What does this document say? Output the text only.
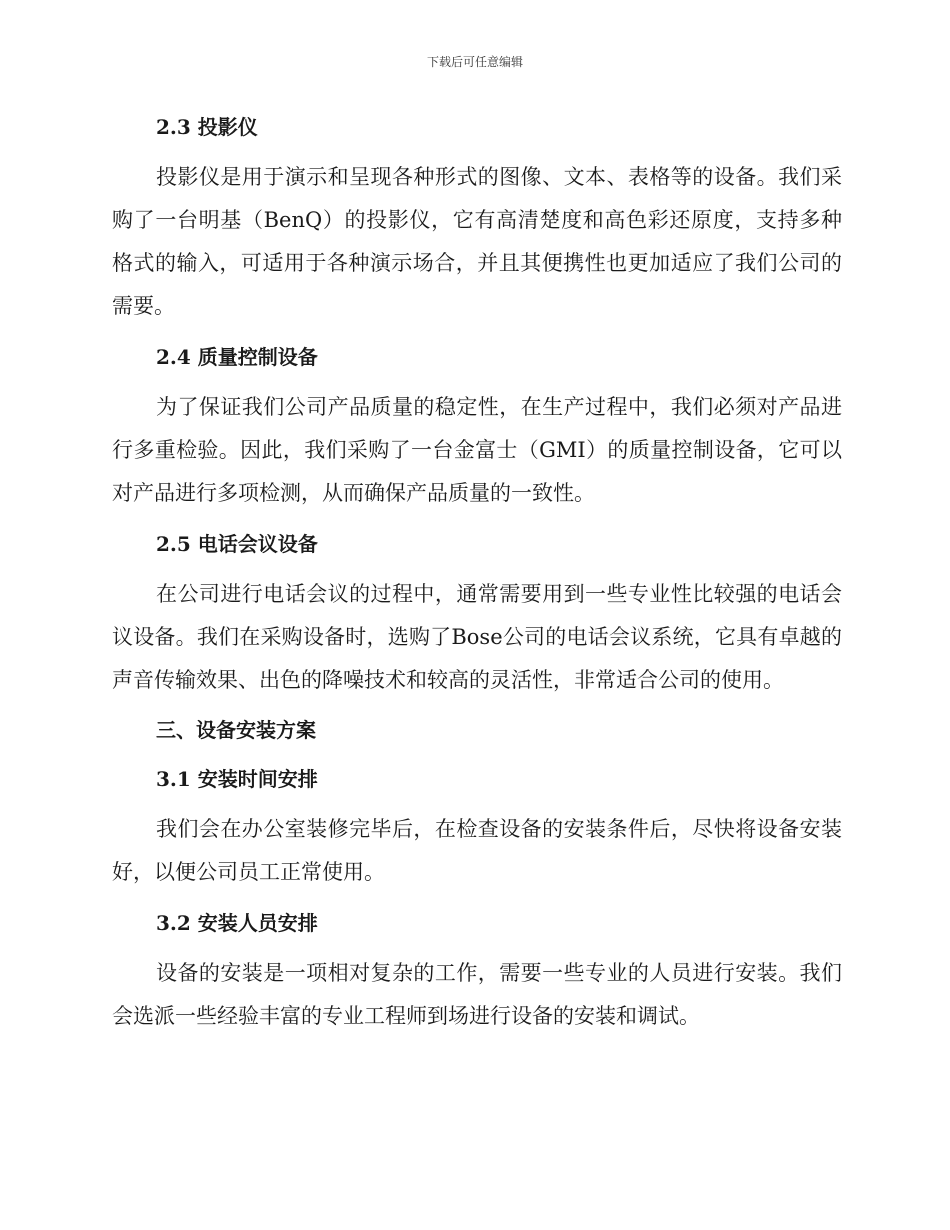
下载后可任意编辑
2.3 投影仪

投影仪是用于演示和呈现各种形式的图像、文本、表格等的设备。我们采购了一台明基（BenQ）的投影仪，它有高清楚度和高色彩还原度，支持多种格式的输入，可适用于各种演示场合，并且其便携性也更加适应了我们公司的需要。

2.4 质量控制设备

为了保证我们公司产品质量的稳定性，在生产过程中，我们必须对产品进行多重检验。因此，我们采购了一台金富士（GMI）的质量控制设备，它可以对产品进行多项检测，从而确保产品质量的一致性。

2.5 电话会议设备

在公司进行电话会议的过程中，通常需要用到一些专业性比较强的电话会议设备。我们在采购设备时，选购了Bose公司的电话会议系统，它具有卓越的声音传输效果、出色的降噪技术和较高的灵活性，非常适合公司的使用。

三、设备安装方案
3.1 安装时间安排

我们会在办公室装修完毕后，在检查设备的安装条件后，尽快将设备安装好，以便公司员工正常使用。

3.2 安装人员安排

设备的安装是一项相对复杂的工作，需要一些专业的人员进行安装。我们会选派一些经验丰富的专业工程师到场进行设备的安装和调试。
